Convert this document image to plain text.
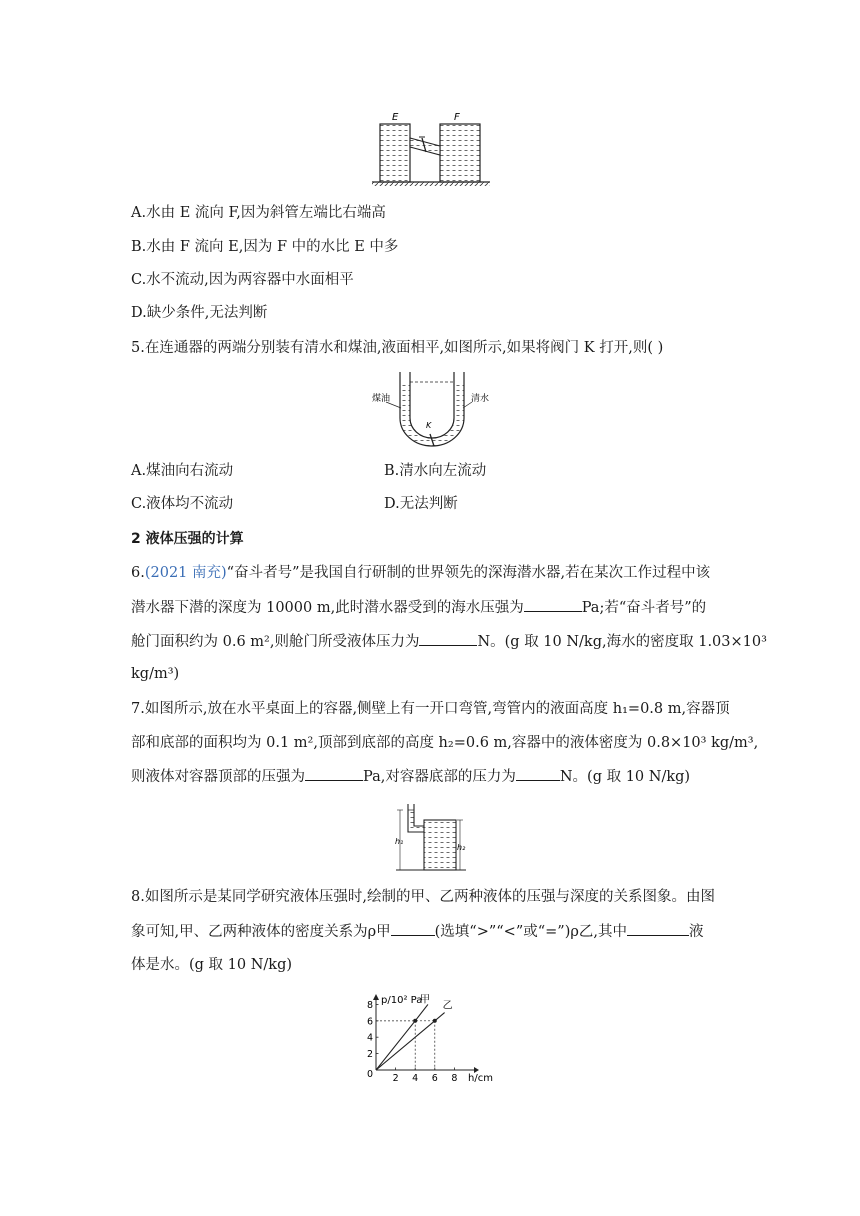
E	F
A.水由 E 流向 F,因为斜管左端比右端高
B.水由 F 流向 E,因为 F 中的水比 E 中多
C.水不流动,因为两容器中水面相平
D.缺少条件,无法判断
5.在连通器的两端分别装有清水和煤油,液面相平,如图所示,如果将阀门 K 打开,则( )
煤油	清水
K
A.煤油向右流动	B.清水向左流动
C.液体均不流动	D.无法判断
2 液体压强的计算
6.(2021 南充)“奋斗者号”是我国自行研制的世界领先的深海潜水器,若在某次工作过程中该
潜水器下潜的深度为 10000 m,此时潜水器受到的海水压强为	Pa;若“奋斗者号”的
舱门面积约为 0.6 m²,则舱门所受液体压力为	N。(g 取 10 N/kg,海水的密度取 1.03×10³
kg/m³)
7.如图所示,放在水平桌面上的容器,侧壁上有一开口弯管,弯管内的液面高度 h₁=0.8 m,容器顶
部和底部的面积均为 0.1 m²,顶部到底部的高度 h₂=0.6 m,容器中的液体密度为 0.8×10³ kg/m³,
则液体对容器顶部的压强为	Pa,对容器底部的压力为	N。(g 取 10 N/kg)
h₁
h₂
8.如图所示是某同学研究液体压强时,绘制的甲、乙两种液体的压强与深度的关系图象。由图
象可知,甲、乙两种液体的密度关系为ρ甲	(选填“>”“<”或“=”)ρ乙,其中	液
体是水。(g 取 10 N/kg)
2 4 6 8
2
4
6
8
0
p/10² Pa
h/cm
甲
乙
